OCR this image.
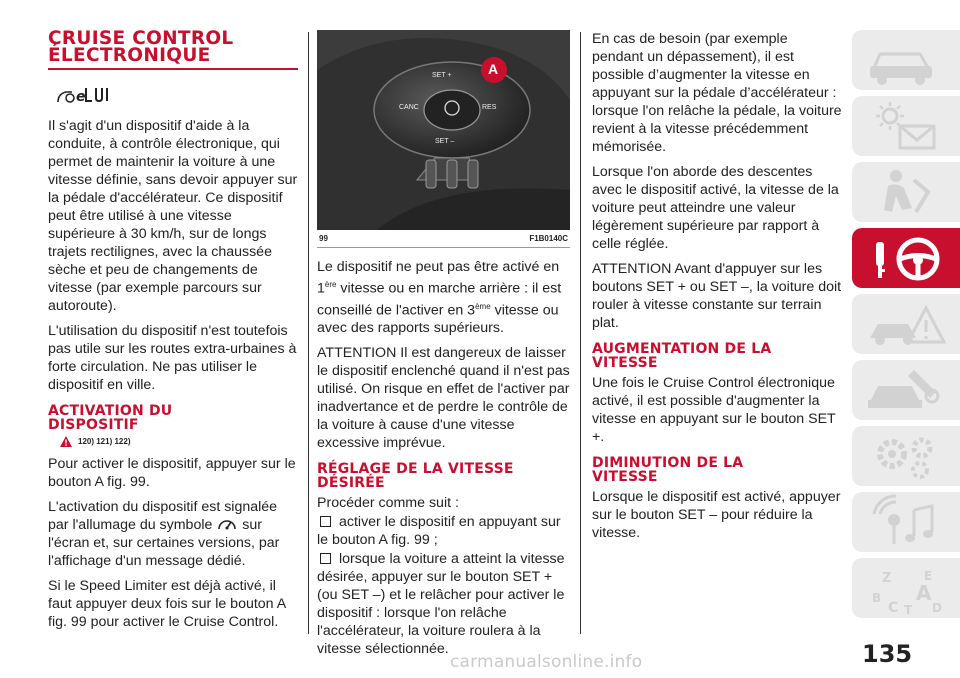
CRUISE CONTROL
ÉLECTRONIQUE
e

Il s'agit d'un dispositif d'aide à la conduite, à contrôle électronique, qui permet de maintenir la voiture à une vitesse définie, sans devoir appuyer sur la pédale d'accélérateur. Ce dispositif peut être utilisé à une vitesse supérieure à 30 km/h, sur de longs trajets rectilignes, avec la chaussée sèche et peu de changements de vitesse (par exemple parcours sur autoroute).

L'utilisation du dispositif n'est toutefois pas utile sur les routes extra-urbaines à forte circulation. Ne pas utiliser le dispositif en ville.

ACTIVATION DU
DISPOSITIF
120) 121) 122)

Pour activer le dispositif, appuyer sur le bouton A fig. 99.

L'activation du dispositif est signalée par l'allumage du symbole sur l'écran et, sur certaines versions, par l'affichage d'un message dédié.

Si le Speed Limiter est déjà activé, il faut appuyer deux fois sur le bouton A fig. 99 pour activer le Cruise Control.

SET +
CANC	RES
SET –
A
99	F1B0140C

Le dispositif ne peut pas être activé en 1ère vitesse ou en marche arrière : il est conseillé de l'activer en 3ème vitesse ou avec des rapports supérieurs.

ATTENTION Il est dangereux de laisser le dispositif enclenché quand il n'est pas utilisé. On risque en effet de l'activer par inadvertance et de perdre le contrôle de la voiture à cause d'une vitesse excessive imprévue.

RÉGLAGE DE LA VITESSE
DÉSIRÉE

Procéder comme suit :

activer le dispositif en appuyant sur le bouton A fig. 99 ;

lorsque la voiture a atteint la vitesse désirée, appuyer sur le bouton SET + (ou SET –) et le relâcher pour activer le dispositif : lorsque l'on relâche l'accélérateur, la voiture roulera à la vitesse sélectionnée.

En cas de besoin (par exemple pendant un dépassement), il est possible d’augmenter la vitesse en appuyant sur la pédale d’accélérateur : lorsque l'on relâche la pédale, la voiture revient à la vitesse précédemment mémorisée.

Lorsque l'on aborde des descentes avec le dispositif activé, la vitesse de la voiture peut atteindre une valeur légèrement supérieure par rapport à celle réglée.

ATTENTION Avant d'appuyer sur les boutons SET + ou SET –, la voiture doit rouler à vitesse constante sur terrain plat.

AUGMENTATION DE LA
VITESSE

Une fois le Cruise Control électronique activé, il est possible d'augmenter la vitesse en appuyant sur le bouton SET +.

DIMINUTION DE LA
VITESSE

Lorsque le dispositif est activé, appuyer sur le bouton SET – pour réduire la vitesse.

Z	E
B A
C T D
135
carmanualsonline.info
